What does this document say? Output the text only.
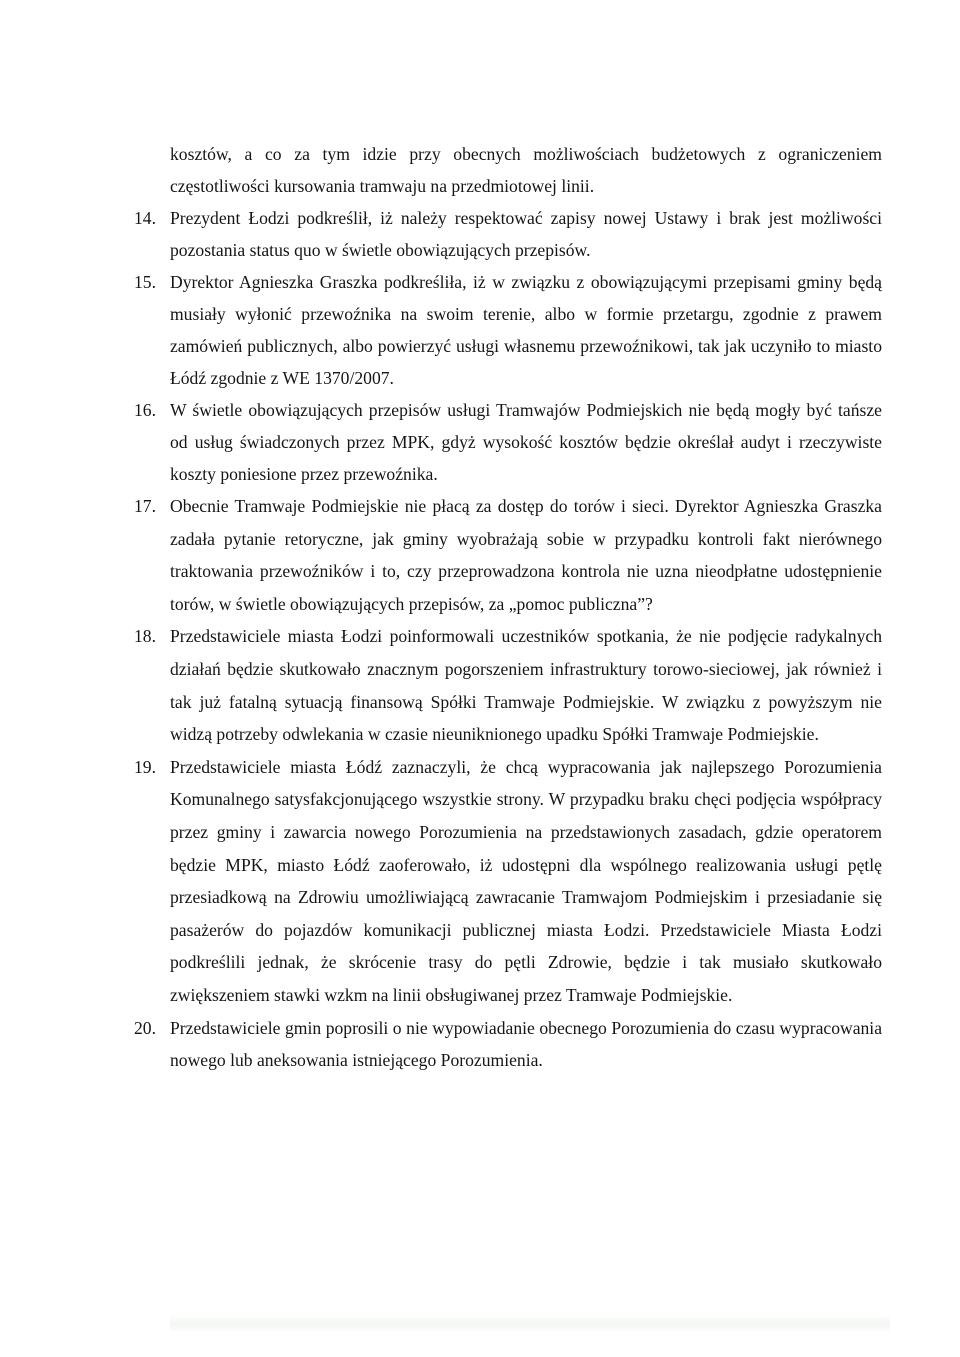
kosztów, a co za tym idzie przy obecnych możliwościach budżetowych z ograniczeniem częstotliwości kursowania tramwaju na przedmiotowej linii.

14. Prezydent Łodzi podkreślił, iż należy respektować zapisy nowej Ustawy i brak jest możliwości pozostania status quo w świetle obowiązujących przepisów.
15. Dyrektor Agnieszka Graszka podkreśliła, iż w związku z obowiązującymi przepisami gminy będą musiały wyłonić przewoźnika na swoim terenie, albo w formie przetargu, zgodnie z prawem zamówień publicznych, albo powierzyć usługi własnemu przewoźnikowi, tak jak uczyniło to miasto Łódź zgodnie z WE 1370/2007.
16. W świetle obowiązujących przepisów usługi Tramwajów Podmiejskich nie będą mogły być tańsze od usług świadczonych przez MPK, gdyż wysokość kosztów będzie określał audyt i rzeczywiste koszty poniesione przez przewoźnika.
17. Obecnie Tramwaje Podmiejskie nie płacą za dostęp do torów i sieci. Dyrektor Agnieszka Graszka zadała pytanie retoryczne, jak gminy wyobrażają sobie w przypadku kontroli fakt nierównego traktowania przewoźników i to, czy przeprowadzona kontrola nie uzna nieodpłatne udostępnienie torów, w świetle obowiązujących przepisów, za „pomoc publiczna”?
18. Przedstawiciele miasta Łodzi poinformowali uczestników spotkania, że nie podjęcie radykalnych działań będzie skutkowało znacznym pogorszeniem infrastruktury torowo-sieciowej, jak również i tak już fatalną sytuacją finansową Spółki Tramwaje Podmiejskie. W związku z powyższym nie widzą potrzeby odwlekania w czasie nieuniknionego upadku Spółki Tramwaje Podmiejskie.
19. Przedstawiciele miasta Łódź zaznaczyli, że chcą wypracowania jak najlepszego Porozumienia Komunalnego satysfakcjonującego wszystkie strony. W przypadku braku chęci podjęcia współpracy przez gminy i zawarcia nowego Porozumienia na przedstawionych zasadach, gdzie operatorem będzie MPK, miasto Łódź zaoferowało, iż udostępni dla wspólnego realizowania usługi pętlę przesiadkową na Zdrowiu umożliwiającą zawracanie Tramwajom Podmiejskim i przesiadanie się pasażerów do pojazdów komunikacji publicznej miasta Łodzi. Przedstawiciele Miasta Łodzi podkreślili jednak, że skrócenie trasy do pętli Zdrowie, będzie i tak musiało skutkowało zwiększeniem stawki wzkm na linii obsługiwanej przez Tramwaje Podmiejskie.
20. Przedstawiciele gmin poprosili o nie wypowiadanie obecnego Porozumienia do czasu wypracowania nowego lub aneksowania istniejącego Porozumienia.
